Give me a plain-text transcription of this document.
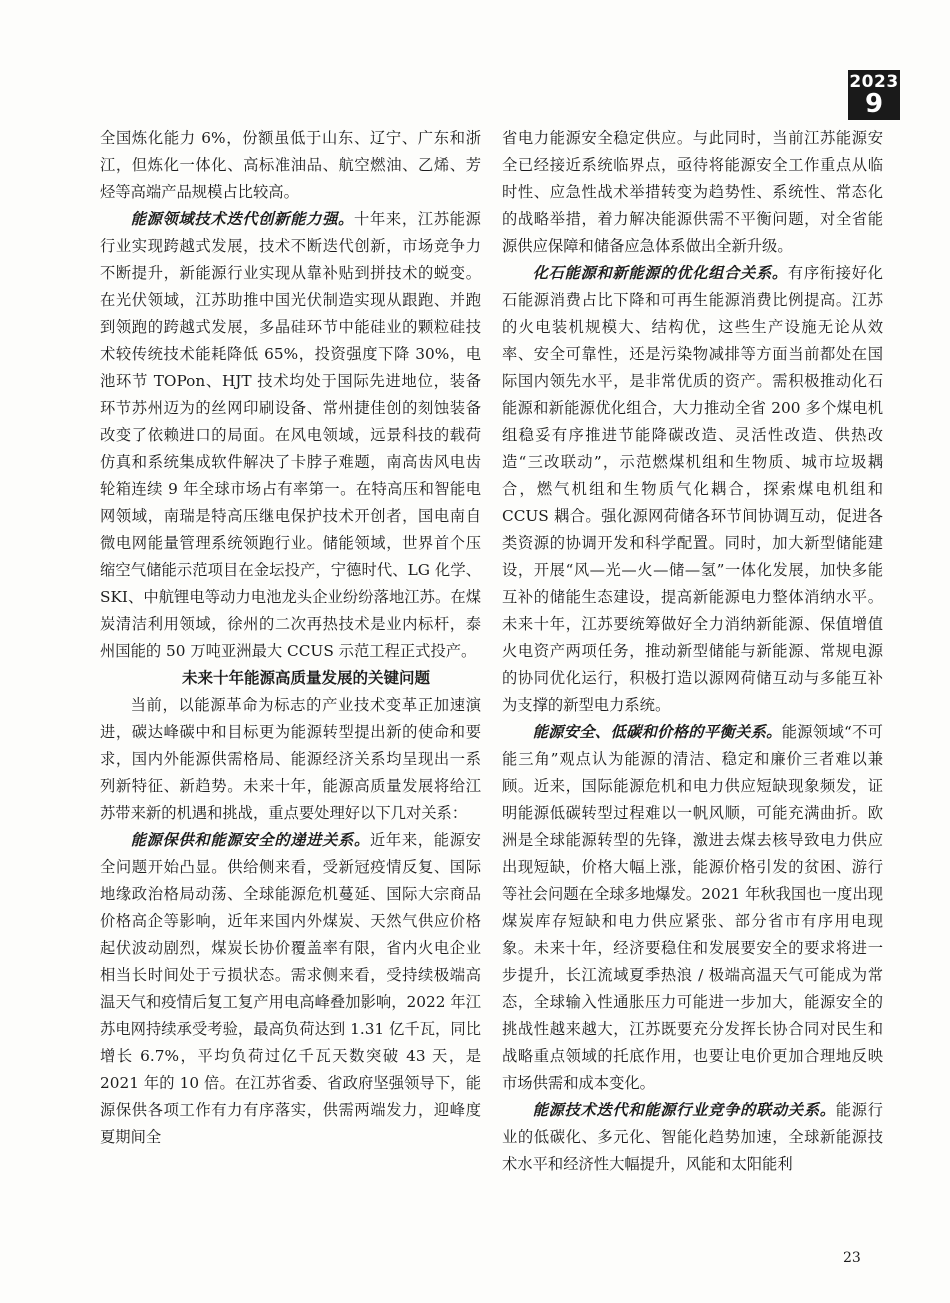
2023
9

全国炼化能力 6%，份额虽低于山东、辽宁、广东和浙江，但炼化一体化、高标准油品、航空燃油、乙烯、芳烃等高端产品规模占比较高。

能源领域技术迭代创新能力强。十年来，江苏能源行业实现跨越式发展，技术不断迭代创新，市场竞争力不断提升，新能源行业实现从靠补贴到拼技术的蜕变。在光伏领域，江苏助推中国光伏制造实现从跟跑、并跑到领跑的跨越式发展，多晶硅环节中能硅业的颗粒硅技术较传统技术能耗降低 65%，投资强度下降 30%，电池环节 TOPon、HJT 技术均处于国际先进地位，装备环节苏州迈为的丝网印刷设备、常州捷佳创的刻蚀装备改变了依赖进口的局面。在风电领域，远景科技的载荷仿真和系统集成软件解决了卡脖子难题，南高齿风电齿轮箱连续 9 年全球市场占有率第一。在特高压和智能电网领域，南瑞是特高压继电保护技术开创者，国电南自微电网能量管理系统领跑行业。储能领域，世界首个压缩空气储能示范项目在金坛投产，宁德时代、LG 化学、SKI、中航锂电等动力电池龙头企业纷纷落地江苏。在煤炭清洁利用领域，徐州的二次再热技术是业内标杆，泰州国能的 50 万吨亚洲最大 CCUS 示范工程正式投产。

未来十年能源高质量发展的关键问题

当前，以能源革命为标志的产业技术变革正加速演进，碳达峰碳中和目标更为能源转型提出新的使命和要求，国内外能源供需格局、能源经济关系均呈现出一系列新特征、新趋势。未来十年，能源高质量发展将给江苏带来新的机遇和挑战，重点要处理好以下几对关系：

能源保供和能源安全的递进关系。近年来，能源安全问题开始凸显。供给侧来看，受新冠疫情反复、国际地缘政治格局动荡、全球能源危机蔓延、国际大宗商品价格高企等影响，近年来国内外煤炭、天然气供应价格起伏波动剧烈，煤炭长协价覆盖率有限，省内火电企业相当长时间处于亏损状态。需求侧来看，受持续极端高温天气和疫情后复工复产用电高峰叠加影响，2022 年江苏电网持续承受考验，最高负荷达到 1.31 亿千瓦，同比增长 6.7%，平均负荷过亿千瓦天数突破 43 天，是 2021 年的 10 倍。在江苏省委、省政府坚强领导下，能源保供各项工作有力有序落实，供需两端发力，迎峰度夏期间全

省电力能源安全稳定供应。与此同时，当前江苏能源安全已经接近系统临界点，亟待将能源安全工作重点从临时性、应急性战术举措转变为趋势性、系统性、常态化的战略举措，着力解决能源供需不平衡问题，对全省能源供应保障和储备应急体系做出全新升级。

化石能源和新能源的优化组合关系。有序衔接好化石能源消费占比下降和可再生能源消费比例提高。江苏的火电装机规模大、结构优，这些生产设施无论从效率、安全可靠性，还是污染物减排等方面当前都处在国际国内领先水平，是非常优质的资产。需积极推动化石能源和新能源优化组合，大力推动全省 200 多个煤电机组稳妥有序推进节能降碳改造、灵活性改造、供热改造“三改联动”，示范燃煤机组和生物质、城市垃圾耦合，燃气机组和生物质气化耦合，探索煤电机组和 CCUS 耦合。强化源网荷储各环节间协调互动，促进各类资源的协调开发和科学配置。同时，加大新型储能建设，开展“风—光—火—储—氢”一体化发展，加快多能互补的储能生态建设，提高新能源电力整体消纳水平。未来十年，江苏要统筹做好全力消纳新能源、保值增值火电资产两项任务，推动新型储能与新能源、常规电源的协同优化运行，积极打造以源网荷储互动与多能互补为支撑的新型电力系统。

能源安全、低碳和价格的平衡关系。能源领域“不可能三角”观点认为能源的清洁、稳定和廉价三者难以兼顾。近来，国际能源危机和电力供应短缺现象频发，证明能源低碳转型过程难以一帆风顺，可能充满曲折。欧洲是全球能源转型的先锋，激进去煤去核导致电力供应出现短缺，价格大幅上涨，能源价格引发的贫困、游行等社会问题在全球多地爆发。2021 年秋我国也一度出现煤炭库存短缺和电力供应紧张、部分省市有序用电现象。未来十年，经济要稳住和发展要安全的要求将进一步提升，长江流域夏季热浪 / 极端高温天气可能成为常态，全球输入性通胀压力可能进一步加大，能源安全的挑战性越来越大，江苏既要充分发挥长协合同对民生和战略重点领域的托底作用，也要让电价更加合理地反映市场供需和成本变化。

能源技术迭代和能源行业竞争的联动关系。能源行业的低碳化、多元化、智能化趋势加速，全球新能源技术水平和经济性大幅提升，风能和太阳能利

23
